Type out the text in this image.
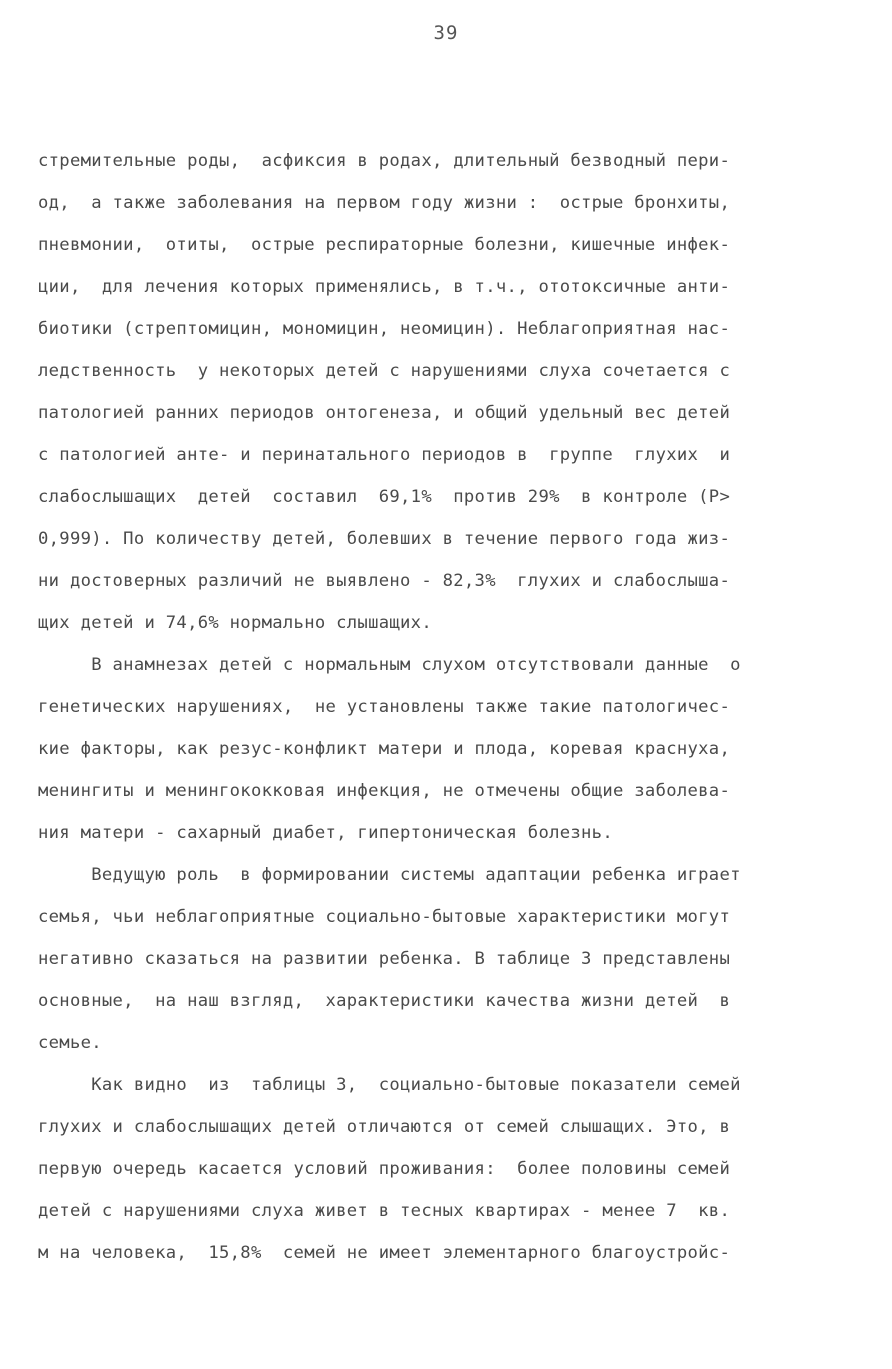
39
стремительные роды,  асфиксия в родах, длительный безводный пери-
од,  а также заболевания на первом году жизни :  острые бронхиты,
пневмонии,  отиты,  острые респираторные болезни, кишечные инфек-
ции,  для лечения которых применялись, в т.ч., ототоксичные анти-
биотики (стрептомицин, мономицин, неомицин). Неблагоприятная нас-
ледственность  у некоторых детей с нарушениями слуха сочетается с
патологией ранних периодов онтогенеза, и общий удельный вес детей
с патологией анте- и перинатального периодов в  группе  глухих  и
слабослышащих  детей  составил  69,1%  против 29%  в контроле (P>
0,999). По количеству детей, болевших в течение первого года жиз-
ни достоверных различий не выявлено - 82,3%  глухих и слабослыша-
щих детей и 74,6% нормально слышащих.
В анамнезах детей с нормальным слухом отсутствовали данные  о
генетических нарушениях,  не установлены также такие патологичес-
кие факторы, как резус-конфликт матери и плода, коревая краснуха,
менингиты и менингококковая инфекция, не отмечены общие заболева-
ния матери - сахарный диабет, гипертоническая болезнь.
Ведущую роль  в формировании системы адаптации ребенка играет
семья, чьи неблагоприятные социально-бытовые характеристики могут
негативно сказаться на развитии ребенка. В таблице 3 представлены
основные,  на наш взгляд,  характеристики качества жизни детей  в
семье.
Как видно  из  таблицы 3,  социально-бытовые показатели семей
глухих и слабослышащих детей отличаются от семей слышащих. Это, в
первую очередь касается условий проживания:  более половины семей
детей с нарушениями слуха живет в тесных квартирах - менее 7  кв.
м на человека,  15,8%  семей не имеет элементарного благоустройс-
